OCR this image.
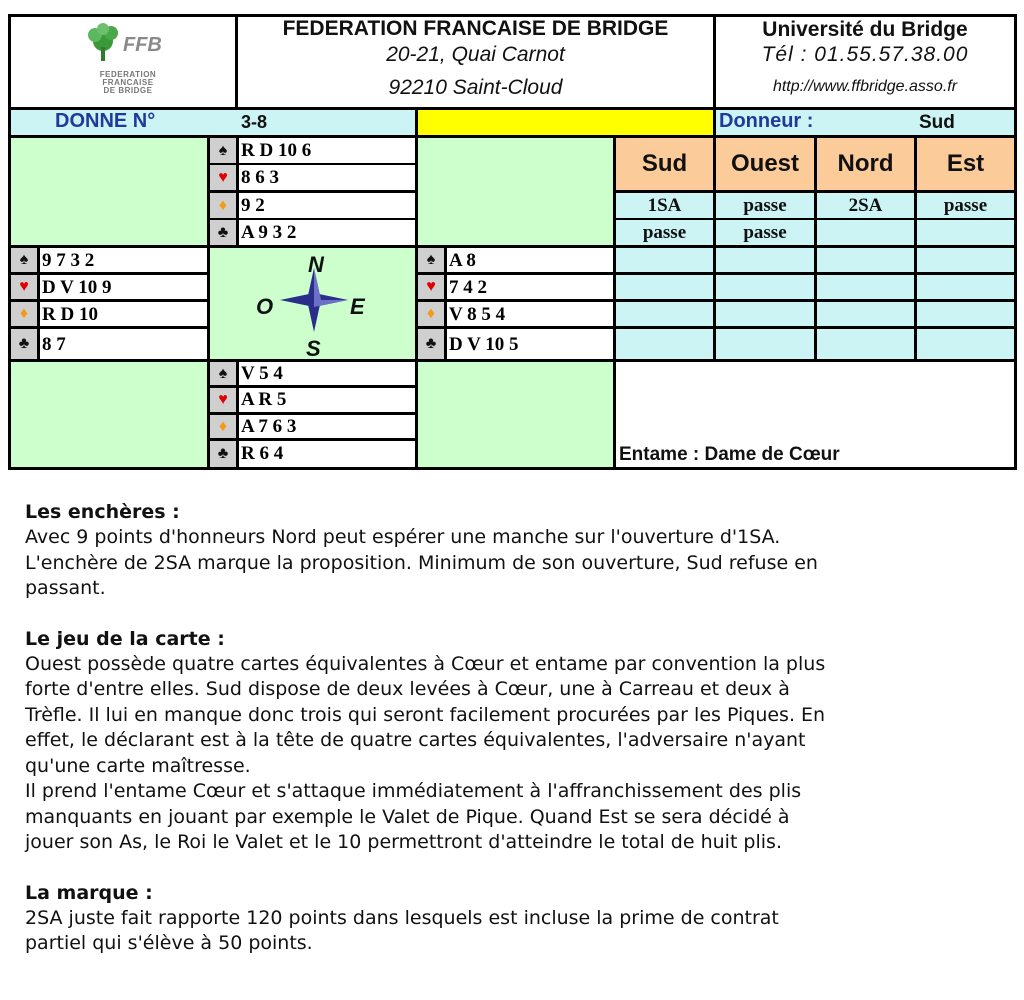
FFB
FEDERATION
FRANCAISE
DE BRIDGE
FEDERATION FRANCAISE DE BRIDGE
20-21, Quai Carnot
92210 Saint-Cloud
Université du Bridge
Tél : 01.55.57.38.00
http://www.ffbridge.asso.fr
DONNE N°	3-8	Donneur :	Sud
♠ R D 10 6
♥ 8 6 3
♦ 9 2
♣ A 9 3 2
Sud	Ouest	Nord	Est
1SA	passe	2SA	passe
passe	passe
♠ 9 7 3 2
♥ D V 10 9
♦ R D 10
♣ 8 7
N
S
E
O
♠ A 8
♥ 7 4 2
♦ V 8 5 4
♣ D V 10 5
♠ V 5 4
♥ A R 5
♦ A 7 6 3
♣ R 6 4	Entame : Dame de Cœur
Les enchères :
Avec 9 points d'honneurs Nord peut espérer une manche sur l'ouverture d'1SA.
L'enchère de 2SA marque la proposition. Minimum de son ouverture, Sud refuse en
passant.
Le jeu de la carte :
Ouest possède quatre cartes équivalentes à Cœur et entame par convention la plus
forte d'entre elles. Sud dispose de deux levées à Cœur, une à Carreau et deux à
Trèfle. Il lui en manque donc trois qui seront facilement procurées par les Piques. En
effet, le déclarant est à la tête de quatre cartes équivalentes, l'adversaire n'ayant
qu'une carte maîtresse.
Il prend l'entame Cœur et s'attaque immédiatement à l'affranchissement des plis
manquants en jouant par exemple le Valet de Pique. Quand Est se sera décidé à
jouer son As, le Roi le Valet et le 10 permettront d'atteindre le total de huit plis.
La marque :
2SA juste fait rapporte 120 points dans lesquels est incluse la prime de contrat
partiel qui s'élève à 50 points.
